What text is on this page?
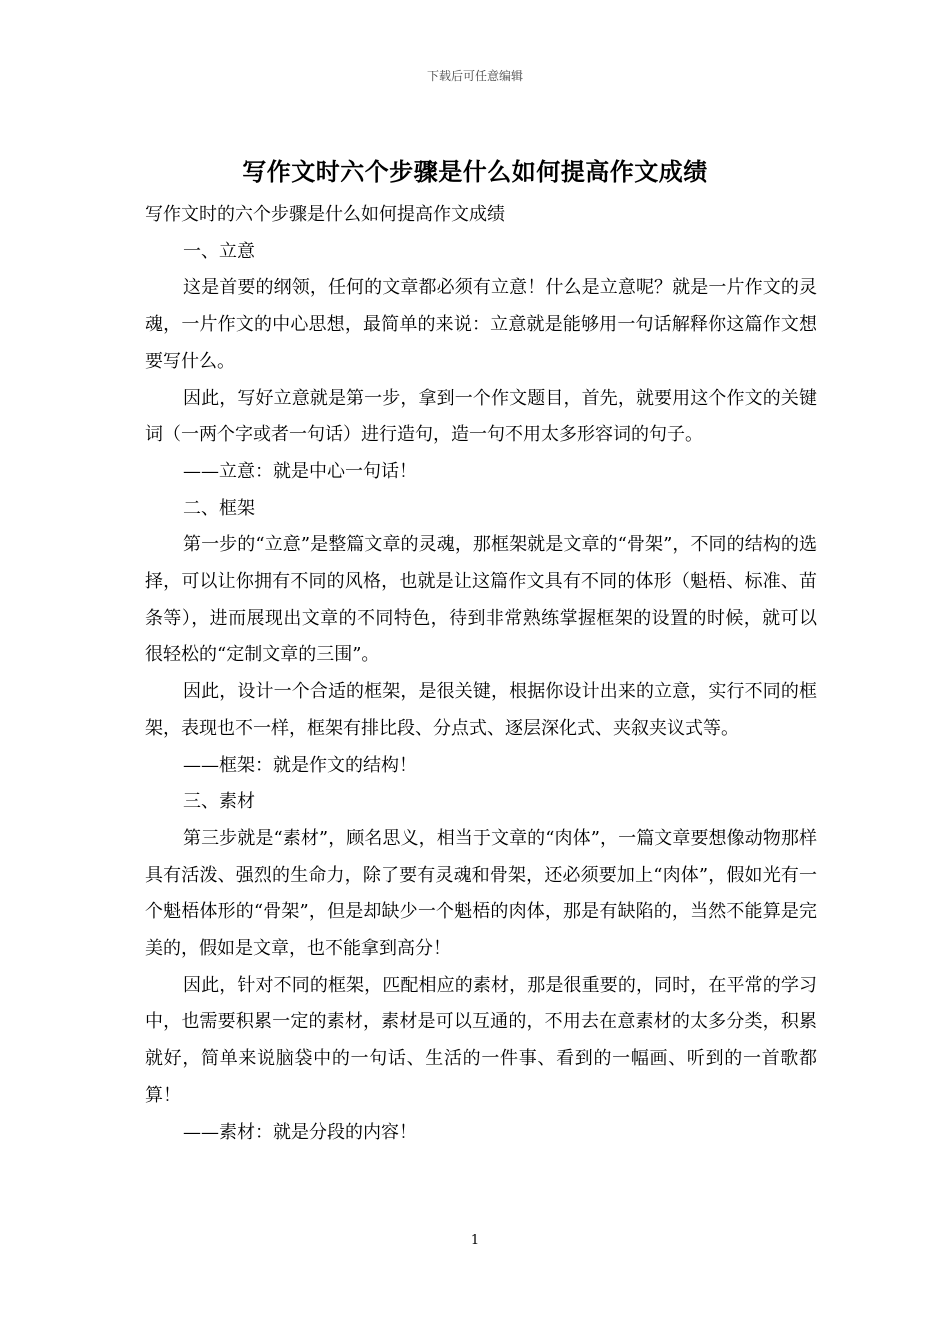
下载后可任意编辑
写作文时六个步骤是什么如何提高作文成绩

写作文时的六个步骤是什么如何提高作文成绩

一、立意

这是首要的纲领，任何的文章都必须有立意！什么是立意呢？就是一片作文的灵魂，一片作文的中心思想，最简单的来说：立意就是能够用一句话解释你这篇作文想要写什么。

因此，写好立意就是第一步，拿到一个作文题目，首先，就要用这个作文的关键词（一两个字或者一句话）进行造句，造一句不用太多形容词的句子。

——立意：就是中心一句话！

二、框架

第一步的“立意”是整篇文章的灵魂，那框架就是文章的“骨架”，不同的结构的选择，可以让你拥有不同的风格，也就是让这篇作文具有不同的体形（魁梧、标准、苗条等），进而展现出文章的不同特色，待到非常熟练掌握框架的设置的时候，就可以很轻松的“定制文章的三围”。

因此，设计一个合适的框架，是很关键，根据你设计出来的立意，实行不同的框架，表现也不一样，框架有排比段、分点式、逐层深化式、夹叙夹议式等。

——框架：就是作文的结构！

三、素材

第三步就是“素材”，顾名思义，相当于文章的“肉体”，一篇文章要想像动物那样具有活泼、强烈的生命力，除了要有灵魂和骨架，还必须要加上“肉体”，假如光有一个魁梧体形的“骨架”，但是却缺少一个魁梧的肉体，那是有缺陷的，当然不能算是完美的，假如是文章，也不能拿到高分！

因此，针对不同的框架，匹配相应的素材，那是很重要的，同时，在平常的学习中，也需要积累一定的素材，素材是可以互通的，不用去在意素材的太多分类，积累就好，简单来说脑袋中的一句话、生活的一件事、看到的一幅画、听到的一首歌都算！

——素材：就是分段的内容！

1
